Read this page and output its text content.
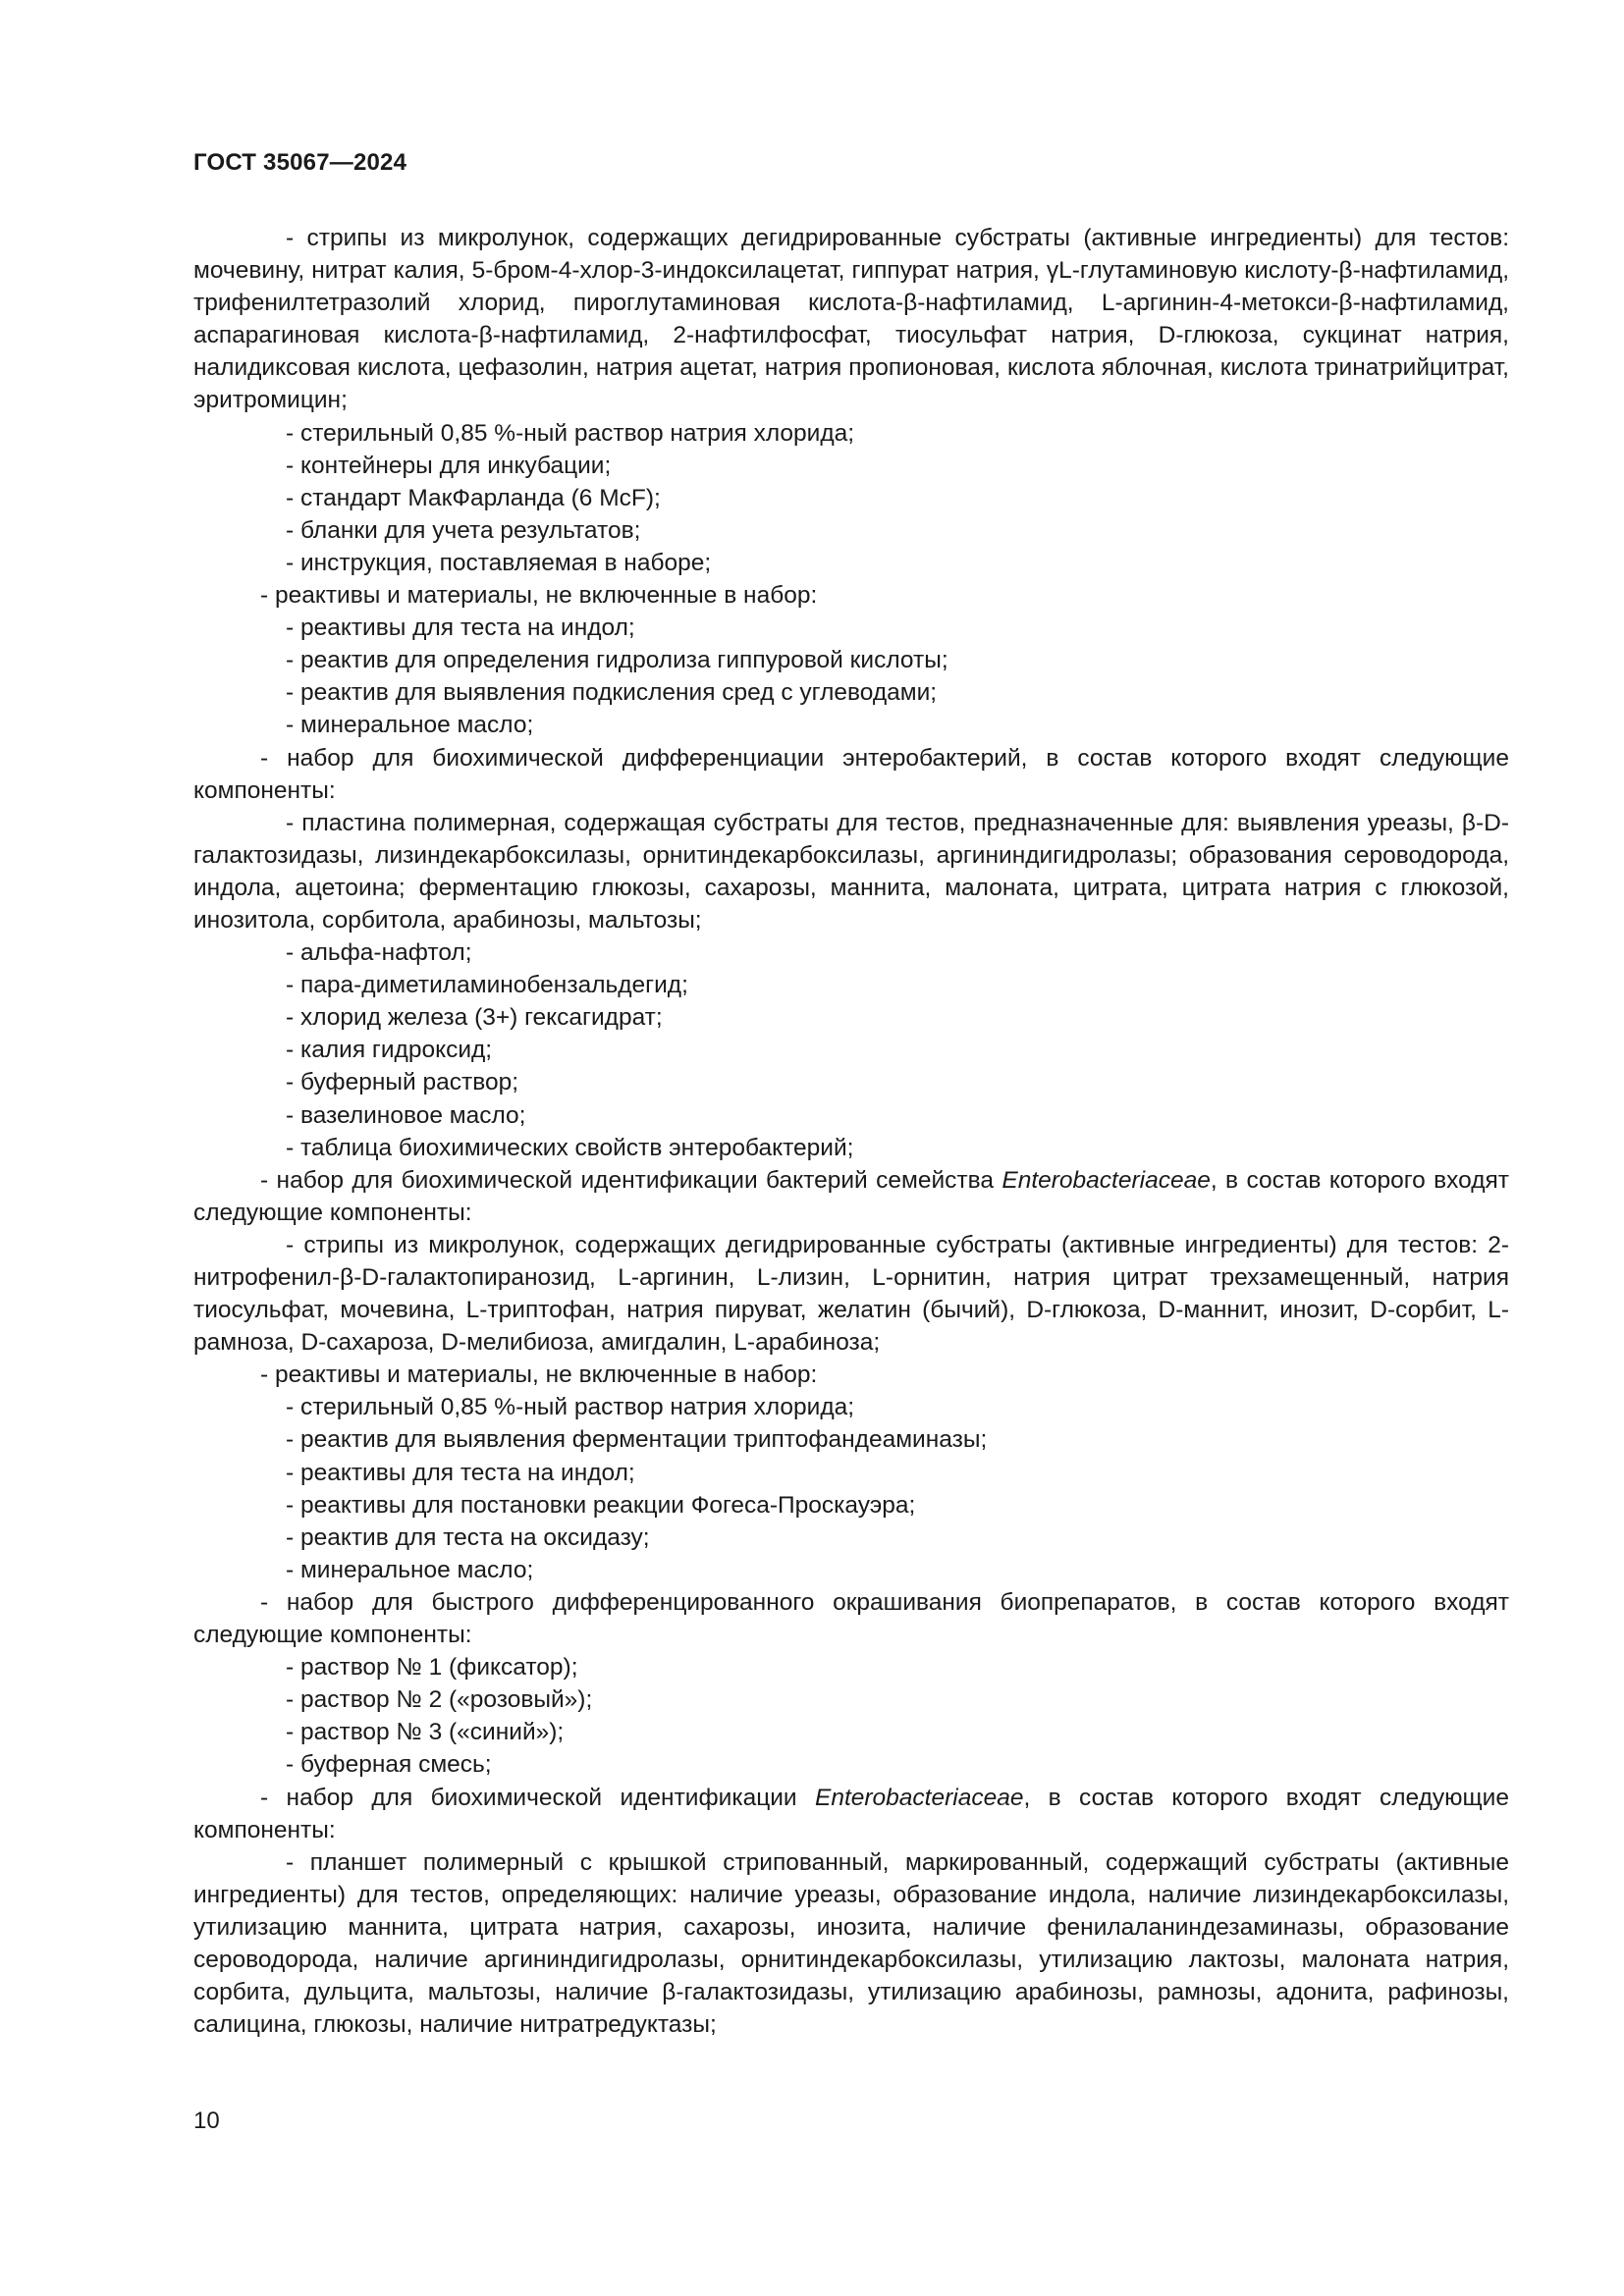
ГОСТ 35067—2024

- стрипы из микролунок, содержащих дегидрированные субстраты (активные ингредиенты) для тестов: мочевину, нитрат калия, 5-бром-4-хлор-3-индоксилацетат, гиппурат натрия, γL-глутаминовую кислоту-β-нафтиламид, трифенилтетразолий хлорид, пироглутаминовая кислота-β-нафтиламид, L-аргинин-4-метокси-β-нафтиламид, аспарагиновая кислота-β-нафтиламид, 2-нафтилфосфат, тиосульфат натрия, D-глюкоза, сукцинат натрия, налидиксовая кислота, цефазолин, натрия ацетат, натрия пропионовая, кислота яблочная, кислота тринатрийцитрат, эритромицин;

- стерильный 0,85 %-ный раствор натрия хлорида;

- контейнеры для инкубации;

- стандарт МакФарланда (6 McF);

- бланки для учета результатов;

- инструкция, поставляемая в наборе;

- реактивы и материалы, не включенные в набор:

- реактивы для теста на индол;

- реактив для определения гидролиза гиппуровой кислоты;

- реактив для выявления подкисления сред с углеводами;

- минеральное масло;

- набор для биохимической дифференциации энтеробактерий, в состав которого входят следующие компоненты:

- пластина полимерная, содержащая субстраты для тестов, предназначенные для: выявления уреазы, β-D-галактозидазы, лизиндекарбоксилазы, орнитиндекарбоксилазы, аргининдигидролазы; образования сероводорода, индола, ацетоина; ферментацию глюкозы, сахарозы, маннита, малоната, цитрата, цитрата натрия с глюкозой, инозитола, сорбитола, арабинозы, мальтозы;

- альфа-нафтол;

- пара-диметиламинобензальдегид;

- хлорид железа (3+) гексагидрат;

- калия гидроксид;

- буферный раствор;

- вазелиновое масло;

- таблица биохимических свойств энтеробактерий;

- набор для биохимической идентификации бактерий семейства Enterobacteriaceae, в состав которого входят следующие компоненты:

- стрипы из микролунок, содержащих дегидрированные субстраты (активные ингредиенты) для тестов: 2-нитрофенил-β-D-галактопиранозид, L-аргинин, L-лизин, L-орнитин, натрия цитрат трехзамещенный, натрия тиосульфат, мочевина, L-триптофан, натрия пируват, желатин (бычий), D-глюкоза, D-маннит, инозит, D-сорбит, L-рамноза, D-сахароза, D-мелибиоза, амигдалин, L-арабиноза;

- реактивы и материалы, не включенные в набор:

- стерильный 0,85 %-ный раствор натрия хлорида;

- реактив для выявления ферментации триптофандеаминазы;

- реактивы для теста на индол;

- реактивы для постановки реакции Фогеса-Проскауэра;

- реактив для теста на оксидазу;

- минеральное масло;

- набор для быстрого дифференцированного окрашивания биопрепаратов, в состав которого входят следующие компоненты:

- раствор № 1 (фиксатор);

- раствор № 2 («розовый»);

- раствор № 3 («синий»);

- буферная смесь;

- набор для биохимической идентификации Enterobacteriaceae, в состав которого входят следующие компоненты:

- планшет полимерный с крышкой стрипованный, маркированный, содержащий субстраты (активные ингредиенты) для тестов, определяющих: наличие уреазы, образование индола, наличие лизиндекарбоксилазы, утилизацию маннита, цитрата натрия, сахарозы, инозита, наличие фенилаланиндезаминазы, образование сероводорода, наличие аргининдигидролазы, орнитиндекарбоксилазы, утилизацию лактозы, малоната натрия, сорбита, дульцита, мальтозы, наличие β-галактозидазы, утилизацию арабинозы, рамнозы, адонита, рафинозы, салицина, глюкозы, наличие нитратредуктазы;

10
